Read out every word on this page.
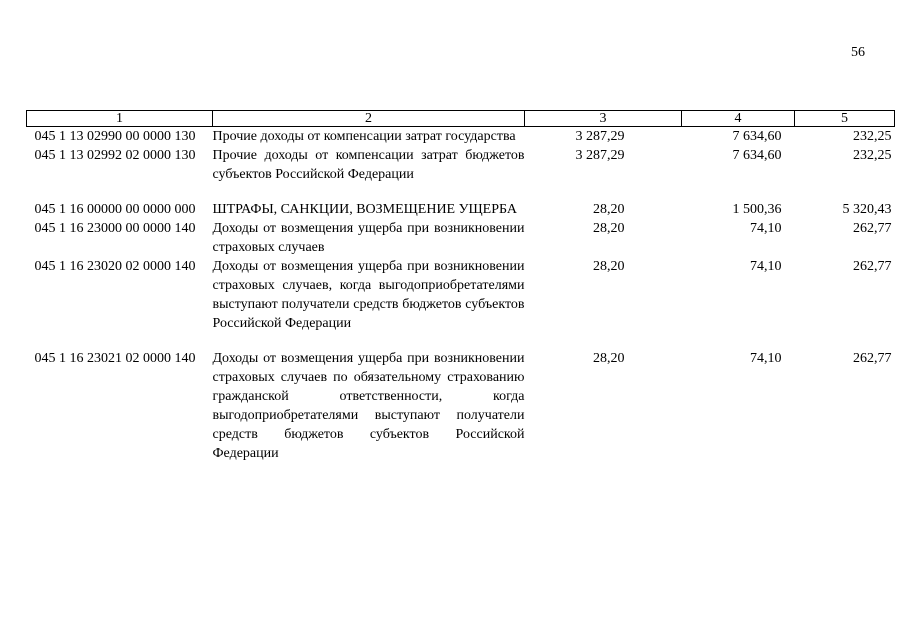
56
1	2	3	4	5
045 1 13 02990 00 0000 130	Прочие доходы от компенсации затрат государства	3 287,29	7 634,60	232,25
045 1 13 02992 02 0000 130	Прочие доходы от компенсации затрат бюджетов субъектов Российской Федерации	3 287,29	7 634,60	232,25
045 1 16 00000 00 0000 000	ШТРАФЫ, САНКЦИИ, ВОЗМЕЩЕНИЕ УЩЕРБА	28,20	1 500,36	5 320,43
045 1 16 23000 00 0000 140	Доходы от возмещения ущерба при возникновении страховых случаев	28,20	74,10	262,77
045 1 16 23020 02 0000 140	Доходы от возмещения ущерба при возникновении страховых случаев, когда выгодоприобретателями выступают получатели средств бюджетов субъектов Российской Федерации	28,20	74,10	262,77
045 1 16 23021 02 0000 140	Доходы от возмещения ущерба при возникновении страховых случаев по обязательному страхованию гражданской ответственности, когда выгодоприобретателями выступают получатели средств бюджетов субъектов Российской Федерации	28,20	74,10	262,77
